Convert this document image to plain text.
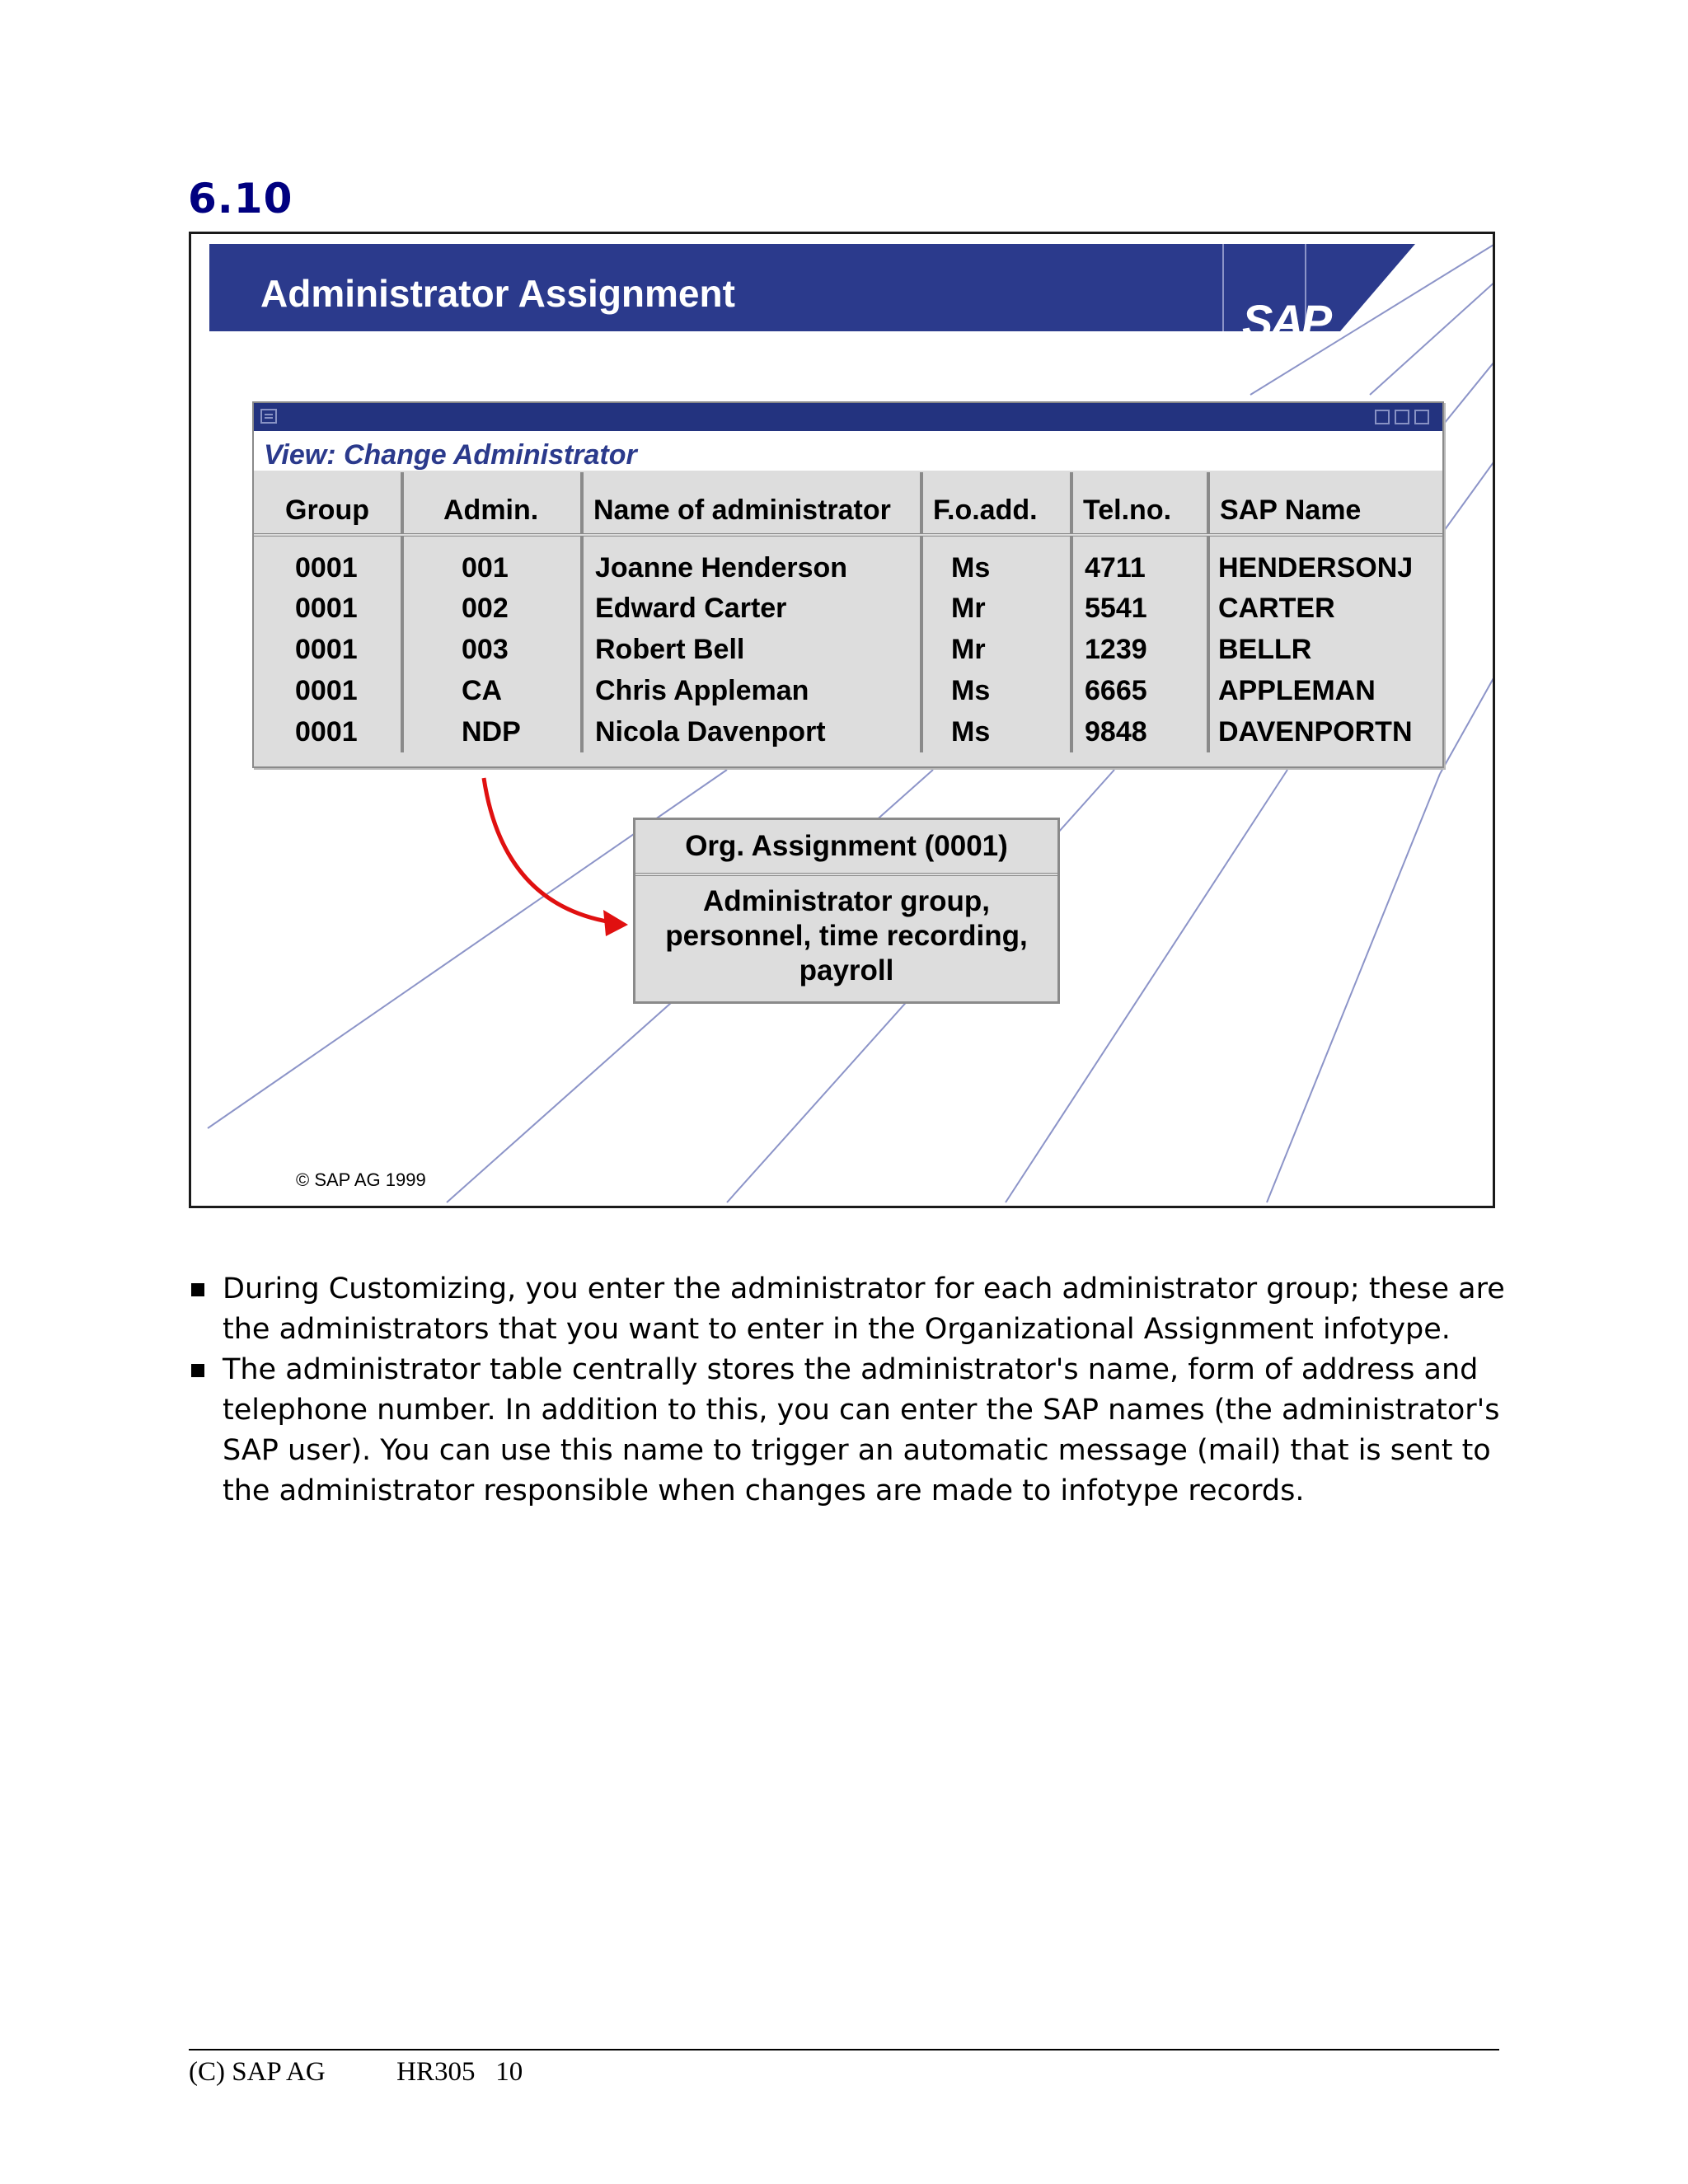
6.10
Administrator Assignment
SAP
View: Change Administrator
Group	Admin.	Name of administrator	F.o.add.	Tel.no.	SAP Name
0001	001	Joanne Henderson	Ms	4711	HENDERSONJ
0001	002	Edward Carter	Mr	5541	CARTER
0001	003	Robert Bell	Mr	1239	BELLR
0001	CA	Chris Appleman	Ms	6665	APPLEMAN
0001	NDP	Nicola Davenport	Ms	9848	DAVENPORTN
Org. Assignment (0001)
Administrator group,
personnel, time recording,
payroll
© SAP AG 1999
During Customizing, you enter the administrator for each administrator group; these are the administrators that you want to enter in the Organizational Assignment infotype.
The administrator table centrally stores the administrator's name, form of address and telephone number. In addition to this, you can enter the SAP names (the administrator's SAP user). You can use this name to trigger an automatic message (mail) that is sent to the administrator responsible when changes are made to infotype records.
(C) SAP AG	HR305   10
